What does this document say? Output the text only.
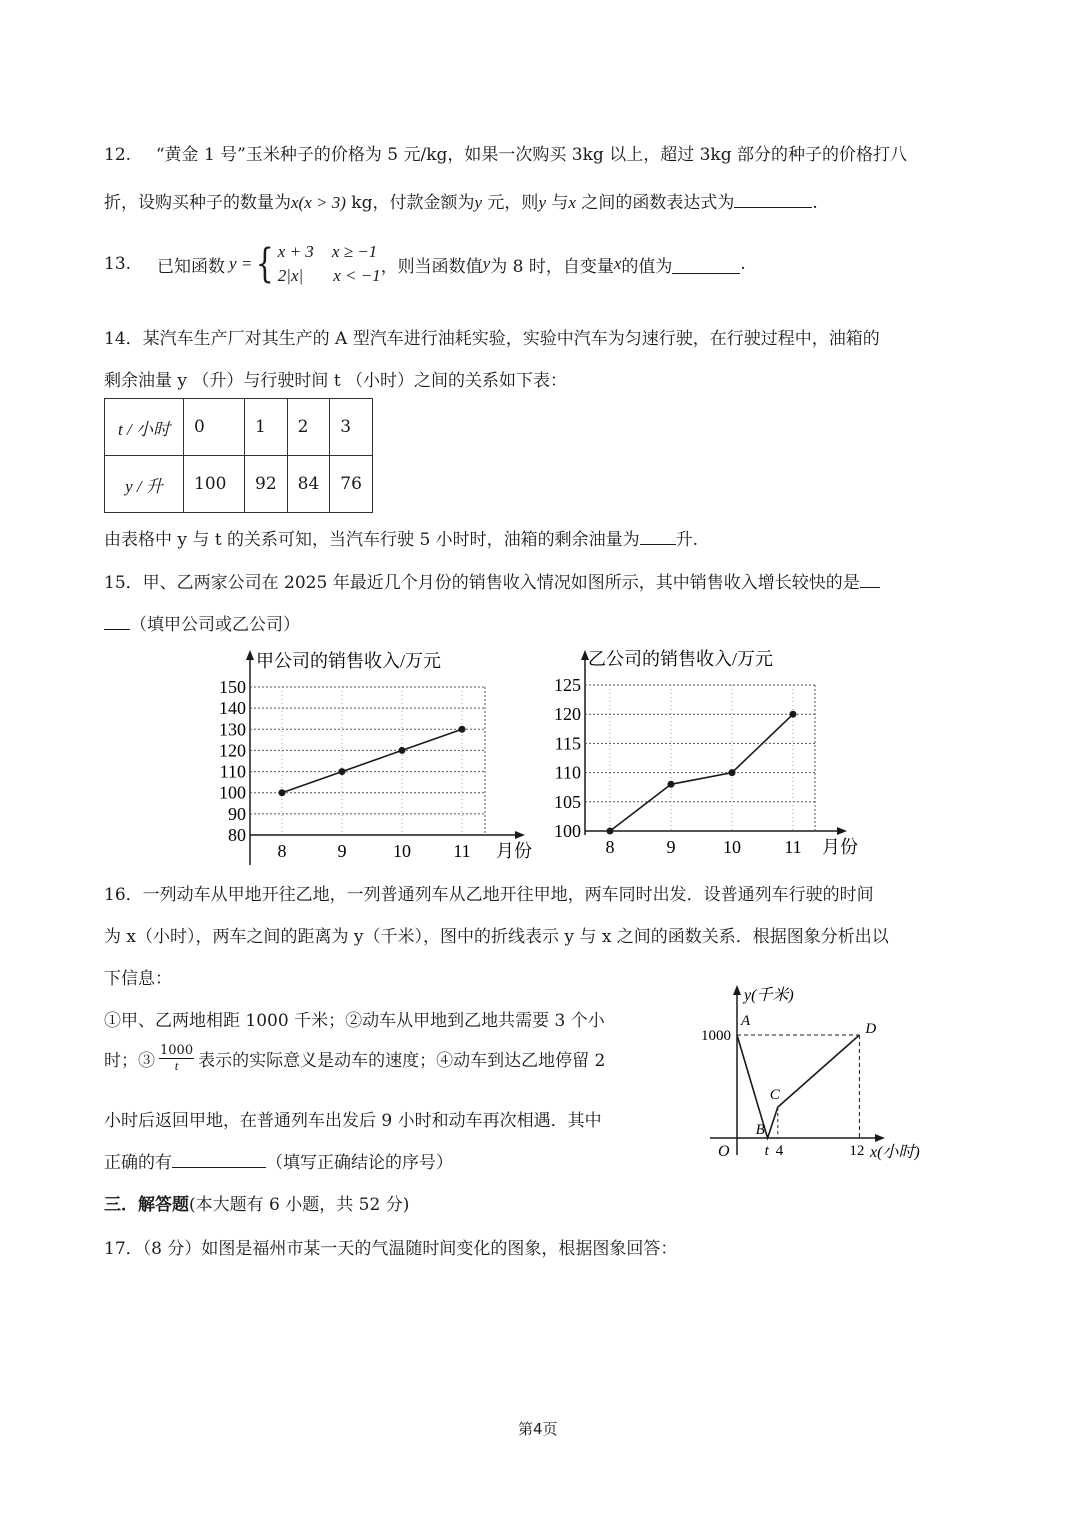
12. “黄金 1 号”玉米种子的价格为 5 元/kg，如果一次购买 3kg 以上，超过 3kg 部分的种子的价格打八
折，设购买种子的数量为x(x > 3) kg，付款金额为y 元，则y 与x 之间的函数表达式为	.
13. 已知函数 y = { x + 3 x ≥ −1
2|x| x < −1 ，则当函数值 y 为 8 时，自变量 x 的值为	.
14．某汽车生产厂对其生产的 A 型汽车进行油耗实验，实验中汽车为匀速行驶，在行驶过程中，油箱的
剩余油量 y （升）与行驶时间 t （小时）之间的关系如下表：
t / 小时	0	1	2	3
y / 升	100	92	84	76
由表格中 y 与 t 的关系可知，当汽车行驶 5 小时时，油箱的剩余油量为 升.
15．甲、乙两家公司在 2025 年最近几个月份的销售收入情况如图所示，其中销售收入增长较快的是
（填甲公司或乙公司）
甲公司的销售收入/万元
月份
80
90
100
110
120
130
140
150
8	9	10 11
乙公司的销售收入/万元
月份
100
105
110
115
120
125
8	9	10 11
16．一列动车从甲地开往乙地，一列普通列车从乙地开往甲地，两车同时出发．设普通列车行驶的时间
为 x（小时），两车之间的距离为 y（千米），图中的折线表示 y 与 x 之间的函数关系．根据图象分析出以
下信息：
①甲、乙两地相距 1000 千米；②动车从甲地到乙地共需要 3 个小
时；③ $\frac{1000}{t}$ 表示的实际意义是动车的速度；④动车到达乙地停留 2
小时后返回甲地，在普通列车出发后 9 小时和动车再次相遇．其中
正确的有	（填写正确结论的序号）
y(千米)
x(小时)
O
A
B
C
D
1000
t 4	12
三．解答题(本大题有 6 小题，共 52 分)
17．（8 分）如图是福州市某一天的气温随时间变化的图象，根据图象回答：
第4页
